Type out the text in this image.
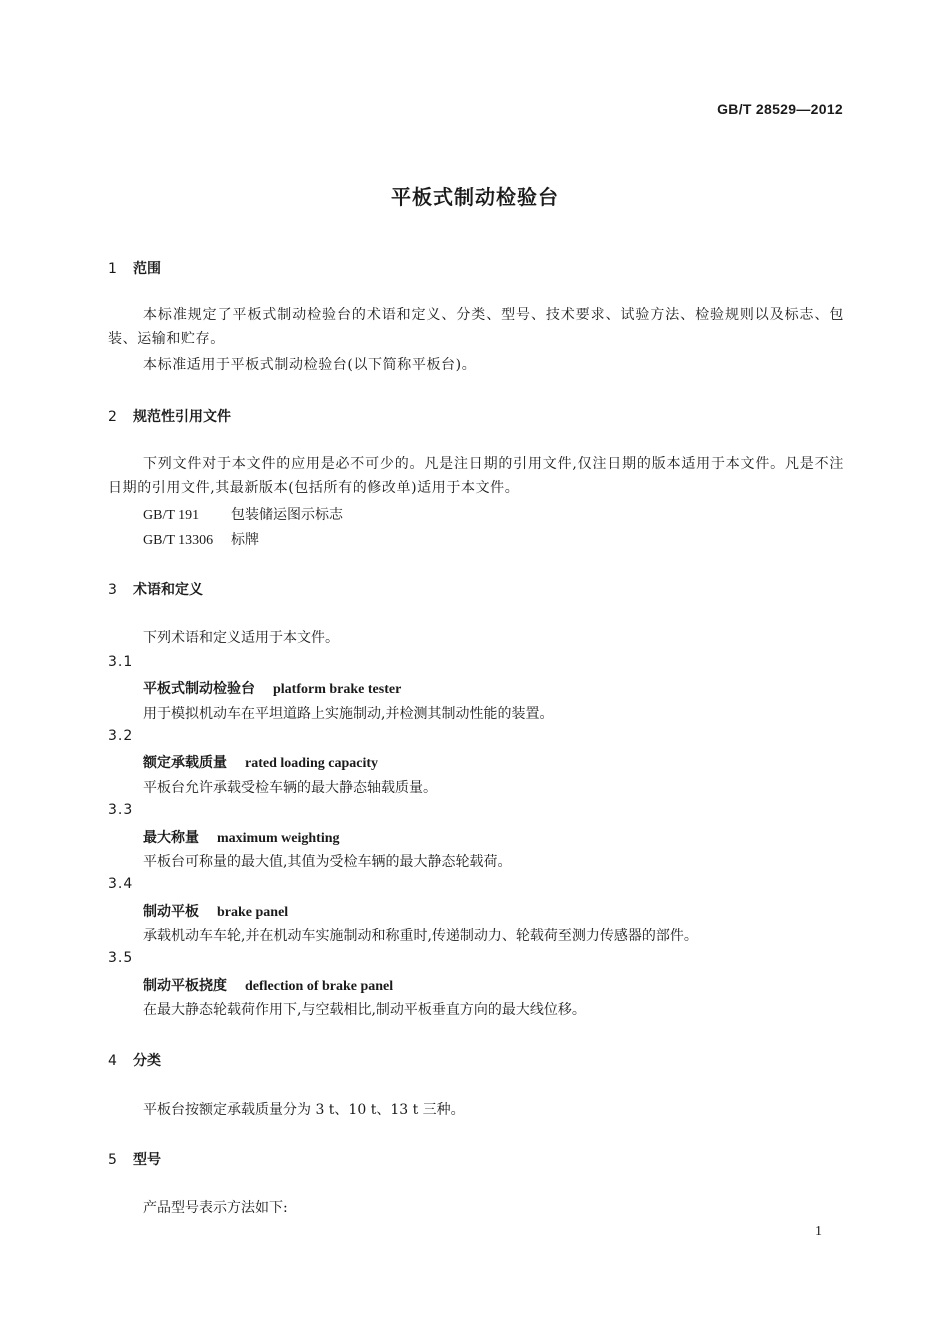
GB/T 28529—2012
平板式制动检验台
1 范围
本标准规定了平板式制动检验台的术语和定义、分类、型号、技术要求、试验方法、检验规则以及标志、包装、运输和贮存。
本标准适用于平板式制动检验台(以下简称平板台)。
2 规范性引用文件
下列文件对于本文件的应用是必不可少的。凡是注日期的引用文件,仅注日期的版本适用于本文件。凡是不注日期的引用文件,其最新版本(包括所有的修改单)适用于本文件。
GB/T 191 包装储运图示标志
GB/T 13306 标牌
3 术语和定义
下列术语和定义适用于本文件。
3.1
平板式制动检验台 platform brake tester
用于模拟机动车在平坦道路上实施制动,并检测其制动性能的装置。
3.2
额定承载质量 rated loading capacity
平板台允许承载受检车辆的最大静态轴载质量。
3.3
最大称量 maximum weighting
平板台可称量的最大值,其值为受检车辆的最大静态轮载荷。
3.4
制动平板 brake panel
承载机动车车轮,并在机动车实施制动和称重时,传递制动力、轮载荷至测力传感器的部件。
3.5
制动平板挠度 deflection of brake panel
在最大静态轮载荷作用下,与空载相比,制动平板垂直方向的最大线位移。
4 分类
平板台按额定承载质量分为 3 t、10 t、13 t 三种。
5 型号
产品型号表示方法如下:
1
